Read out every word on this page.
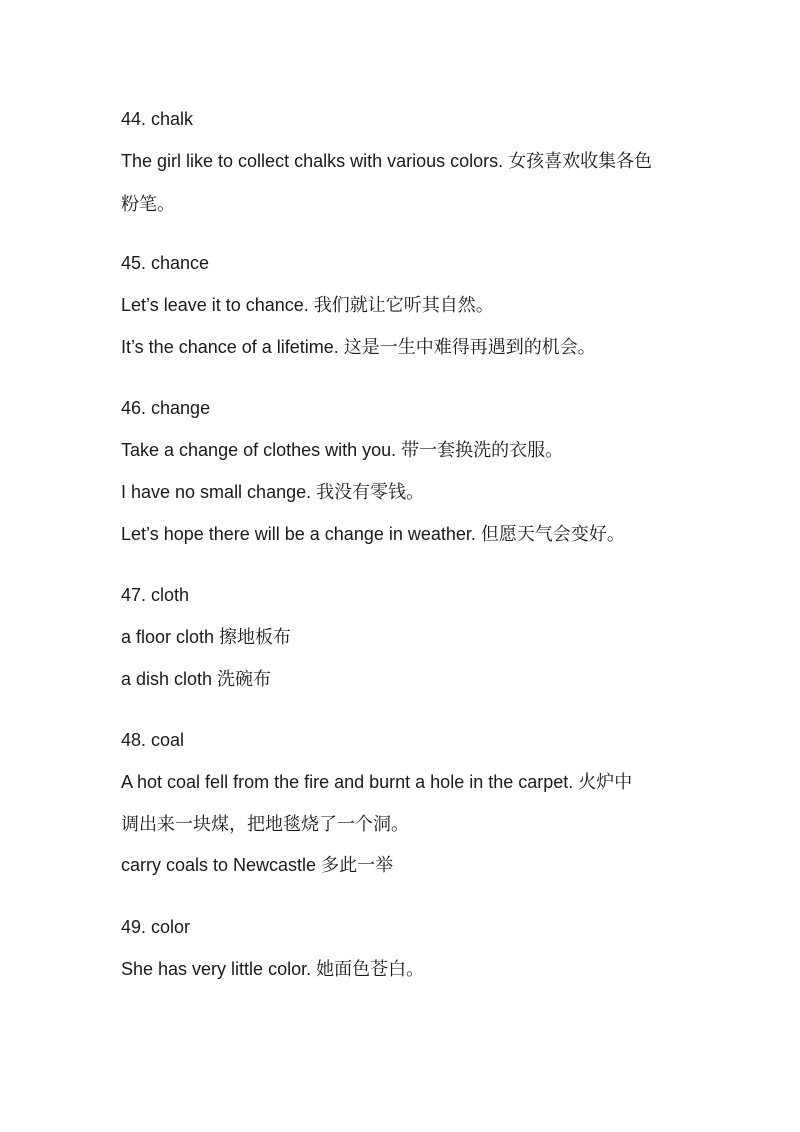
44. chalk
The girl like to collect chalks with various colors. 女孩喜欢收集各色
粉笔。
45. chance
Let’s leave it to chance. 我们就让它听其自然。
It’s the chance of a lifetime. 这是一生中难得再遇到的机会。
46. change
Take a change of clothes with you. 带一套换洗的衣服。
I have no small change. 我没有零钱。
Let’s hope there will be a change in weather. 但愿天气会变好。
47. cloth
a floor cloth 擦地板布
a dish cloth 洗碗布
48. coal
A hot coal fell from the fire and burnt a hole in the carpet. 火炉中
调出来一块煤，把地毯烧了一个洞。
carry coals to Newcastle 多此一举
49. color
She has very little color. 她面色苍白。
